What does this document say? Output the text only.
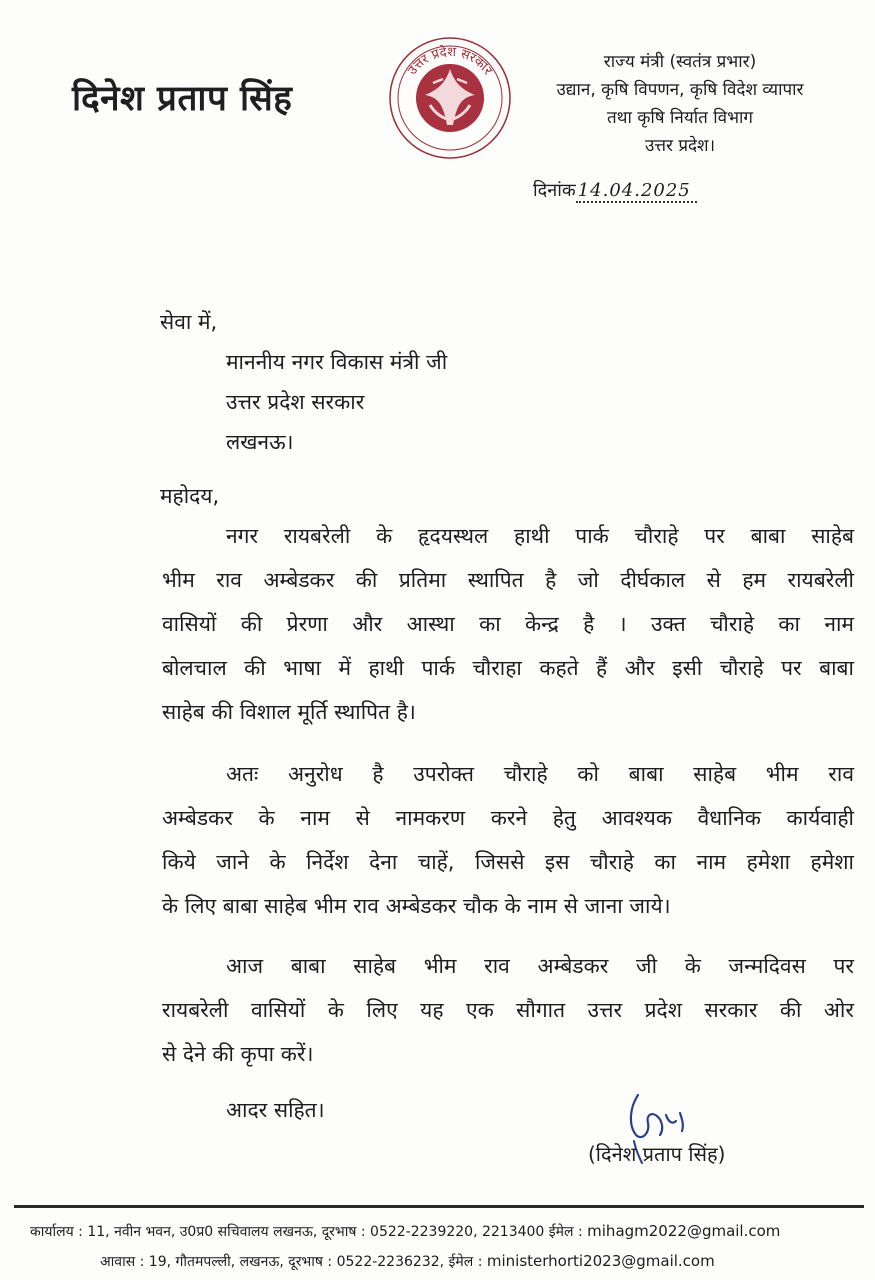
दिनेश प्रताप सिंह
उत्तर प्रदेश सरकार	राज्य मंत्री (स्वतंत्र प्रभार)
उद्यान, कृषि विपणन, कृषि विदेश व्यापार
तथा कृषि निर्यात विभाग
उत्तर प्रदेश।
दिनांक 14.04.2025
सेवा में,
माननीय नगर विकास मंत्री जी
उत्तर प्रदेश सरकार
लखनऊ।
महोदय,
नगर रायबरेली के हृदयस्थल हाथी पार्क चौराहे पर बाबा साहेब
भीम राव अम्बेडकर की प्रतिमा स्थापित है जो दीर्घकाल से हम रायबरेली
वासियों की प्रेरणा और आस्था का केन्द्र है । उक्त चौराहे का नाम
बोलचाल की भाषा में हाथी पार्क चौराहा कहते हैं और इसी चौराहे पर बाबा
साहेब की विशाल मूर्ति स्थापित है।
अतः अनुरोध है उपरोक्त चौराहे को बाबा साहेब भीम राव
अम्बेडकर के नाम से नामकरण करने हेतु आवश्यक वैधानिक कार्यवाही
किये जाने के निर्देश देना चाहें, जिससे इस चौराहे का नाम हमेशा हमेशा
के लिए बाबा साहेब भीम राव अम्बेडकर चौक के नाम से जाना जाये।
आज बाबा साहेब भीम राव अम्बेडकर जी के जन्मदिवस पर
रायबरेली वासियों के लिए यह एक सौगात उत्तर प्रदेश सरकार की ओर
से देने की कृपा करें।
आदर सहित।
(दिनेश प्रताप सिंह)
कार्यालय : 11, नवीन भवन, उ0प्र0 सचिवालय लखनऊ, दूरभाष : 0522-2239220, 2213400 ईमेल : mihagm2022@gmail.com
आवास : 19, गौतमपल्ली, लखनऊ, दूरभाष : 0522-2236232, ईमेल : ministerhorti2023@gmail.com
